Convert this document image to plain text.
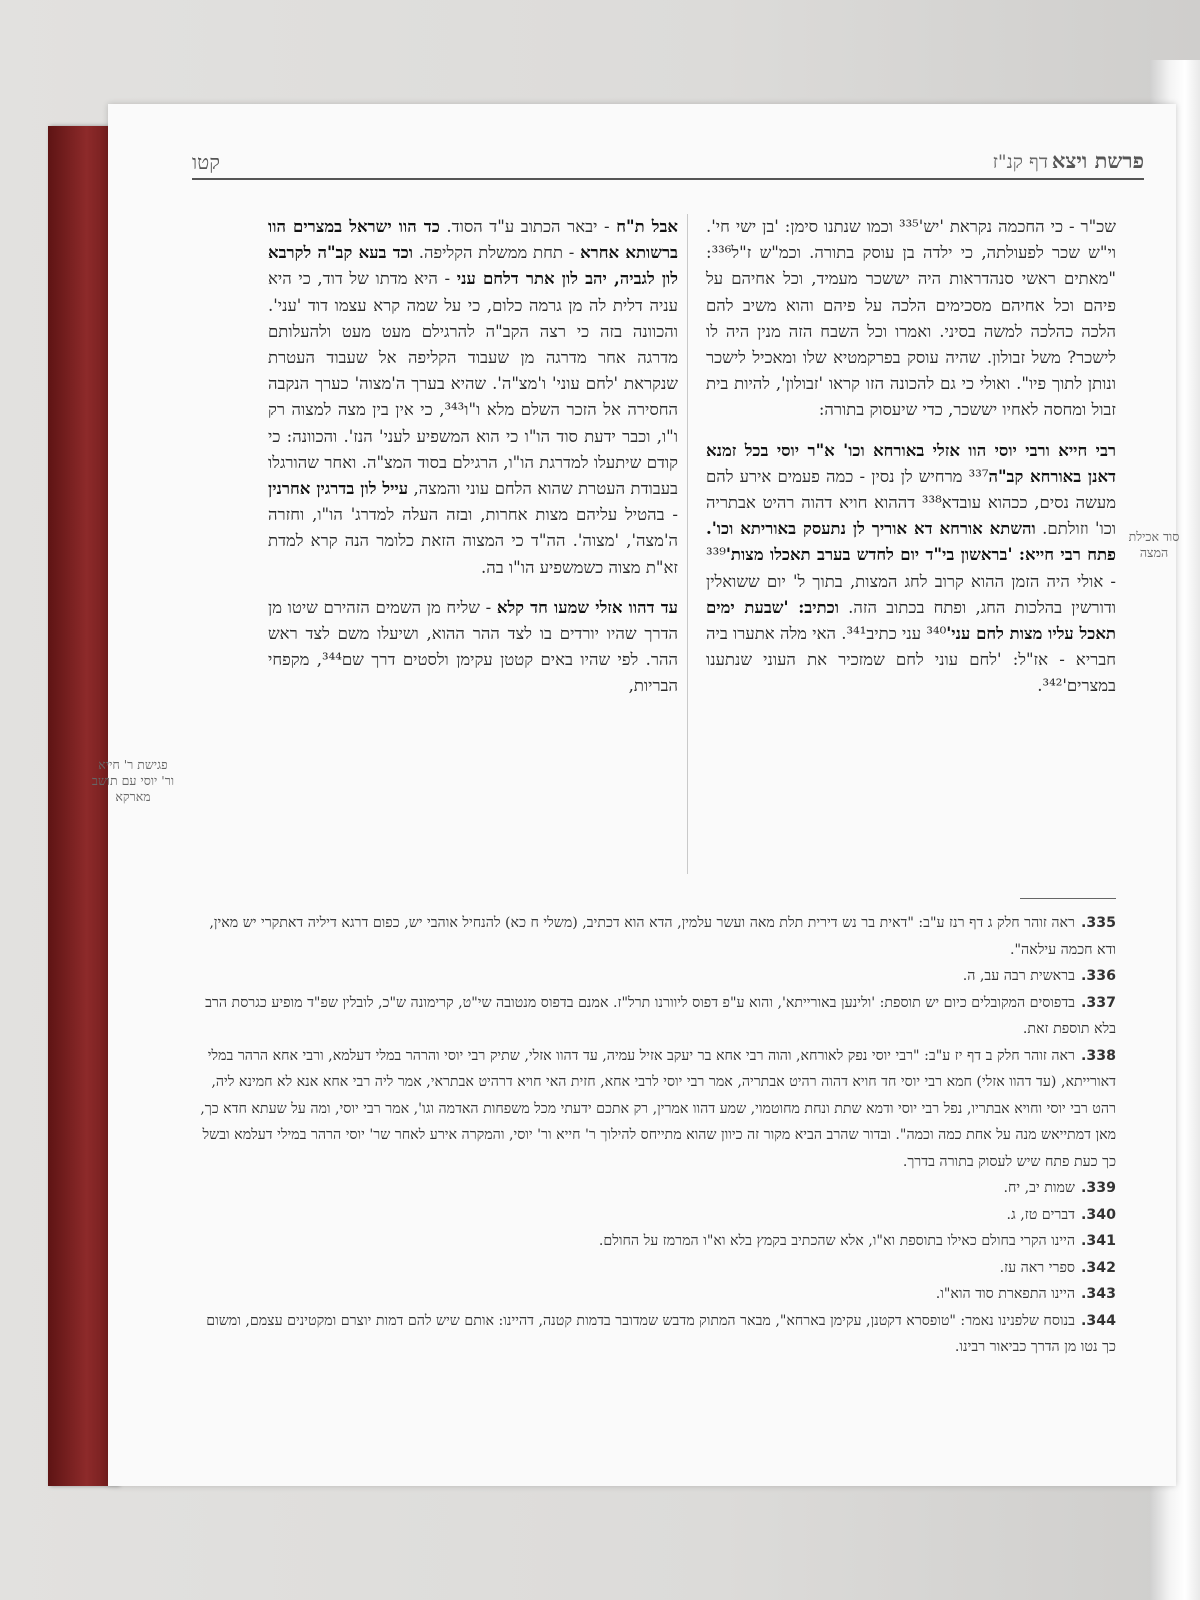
פרשת ויצא
דף קנ"ז
קטו

שכ"ר - כי החכמה נקראת 'יש'³³⁵ וכמו שנתנו סימן: 'בן ישי חי'. וי"ש שכר לפעולתה, כי ילדה בן עוסק בתורה. וכמ"ש ז"ל³³⁶: "מאתים ראשי סנהדראות היה יששכר מעמיד, וכל אחיהם על פיהם וכל אחיהם מסכימים הלכה על פיהם והוא משיב להם הלכה כהלכה למשה בסיני. ואמרו וכל השבח הזה מנין היה לו לישכר? משל זבולון. שהיה עוסק בפרקמטיא שלו ומאכיל לישכר ונותן לתוך פיו". ואולי כי גם להכונה הזו קראו 'זבולון', להיות בית זבול ומחסה לאחיו יששכר, כדי שיעסוק בתורה:

רבי חייא ורבי יוסי הוו אזלי באורחא וכו' א"ר יוסי בכל זמנא דאנן באורחא קב"ה³³⁷ מרחיש לן נסין - כמה פעמים אירע להם מעשה נסים, ככהוא עובדא³³⁸ דההוא חויא דהוה רהיט אבתריה וכו' וזולתם. והשתא אורחא דא אוריך לן נתעסק באוריתא וכו'. פתח רבי חייא: 'בראשון בי"ד יום לחדש בערב תאכלו מצות'³³⁹ - אולי היה הזמן ההוא קרוב לחג המצות, בתוך ל' יום ששואלין ודורשין בהלכות החג, ופתח בכתוב הזה. וכתיב: 'שבעת ימים תאכל עליו מצות לחם עני'³⁴⁰ עני כתיב³⁴¹. האי מלה אתערו ביה חבריא - אז"ל: 'לחם עוני לחם שמזכיר את העוני שנתענו במצרים'³⁴².

סוד אכילת המצה

אבל ת"ח - יבאר הכתוב ע"ד הסוד. כד הוו ישראל במצרים הוו ברשותא אחרא - תחת ממשלת הקליפה. וכד בעא קב"ה לקרבא לון לגביה, יהב לון אתר דלחם עני - היא מדתו של דוד, כי היא עניה דלית לה מן גרמה כלום, כי על שמה קרא עצמו דוד 'עני'. והכוונה בזה כי רצה הקב"ה להרגילם מעט מעט ולהעלותם מדרגה אחר מדרגה מן שעבוד הקליפה אל שעבוד העטרת שנקראת 'לחם עוני' ו'מצ"ה'. שהיא בערך ה'מצוה' כערך הנקבה החסירה אל הזכר השלם מלא ו"ו³⁴³, כי אין בין מצה למצוה רק ו"ו, וכבר ידעת סוד הו"ו כי הוא המשפיע לעני' הנז'. והכוונה: כי קודם שיתעלו למדרגת הו"ו, הרגילם בסוד המצ"ה. ואחר שהורגלו בעבודת העטרת שהוא הלחם עוני והמצה, עייל לון בדרגין אחרנין - בהטיל עליהם מצות אחרות, ובזה העלה למדרג' הו"ו, וחזרה ה'מצה', 'מצוה'. הה"ד כי המצוה הזאת כלומר הנה קרא למדת זא"ת מצוה כשמשפיע הו"ו בה.

עד דהוו אזלי שמעו חד קלא - שליח מן השמים הזהירם שיטו מן הדרך שהיו יורדים בו לצד ההר ההוא, ושיעלו משם לצד ראש ההר. לפי שהיו באים קטטן עקימן ולסטים דרך שם³⁴⁴, מקפחי הבריות,

פגישת ר' חייא ור' יוסי עם תושב מארקא

335.ראה זוהר חלק ג דף רנז ע"ב: "דאית בר נש דירית תלת מאה ועשר עלמין, הדא הוא דכתיב, (משלי ח כא) להנחיל אוהבי יש, כפום דרגא דיליה דאתקרי יש מאין, ודא חכמה עילאה".

336.בראשית רבה עב, ה.

337.בדפוסים המקובלים כיום יש תוספת: 'ולינען באורייתא', והוא ע"פ דפוס ליוורנו תרל"ז. אמנם בדפוס מנטובה שי"ט, קרימונה ש"כ, לובלין שפ"ד מופיע כגרסת הרב בלא תוספת זאת.

338.ראה זוהר חלק ב דף יז ע"ב: "רבי יוסי נפק לאורחא, והוה רבי אחא בר יעקב אזיל עמיה, עד דהוו אזלי, שתיק רבי יוסי והרהר במלי דעלמא, ורבי אחא הרהר במלי דאורייתא, (עד דהוו אזלי) חמא רבי יוסי חד חויא דהוה רהיט אבתריה, אמר רבי יוסי לרבי אחא, חזית האי חויא דרהיט אבתראי, אמר ליה רבי אחא אנא לא חמינא ליה, רהט רבי יוסי וחויא אבתריו, נפל רבי יוסי ודמא שתת ונחת מחוטמוי, שמע דהוו אמרין, רק אתכם ידעתי מכל משפחות האדמה וגו', אמר רבי יוסי, ומה על שעתא חדא כך, מאן דמתייאש מנה על אחת כמה וכמה". ובדור שהרב הביא מקור זה כיוון שהוא מתייחס להילוך ר' חייא ור' יוסי, והמקרה אירע לאחר שר' יוסי הרהר במילי דעלמא ובשל כך כעת פתח שיש לעסוק בתורה בדרך.

339.שמות יב, יח.

340.דברים טז, ג.

341.היינו הקרי בחולם כאילו בתוספת וא"ו, אלא שהכתיב בקמץ בלא וא"ו המרמז על החולם.

342.ספרי ראה עז.

343.היינו התפארת סוד הוא"ו.

344.בנוסח שלפנינו נאמר: "טופסרא דקטנן, עקימן בארחא", מבאר המתוק מדבש שמדובר בדמות קטנה, דהיינו: אותם שיש להם דמות יוצרם ומקטינים עצמם, ומשום כך נטו מן הדרך כביאור רבינו.
